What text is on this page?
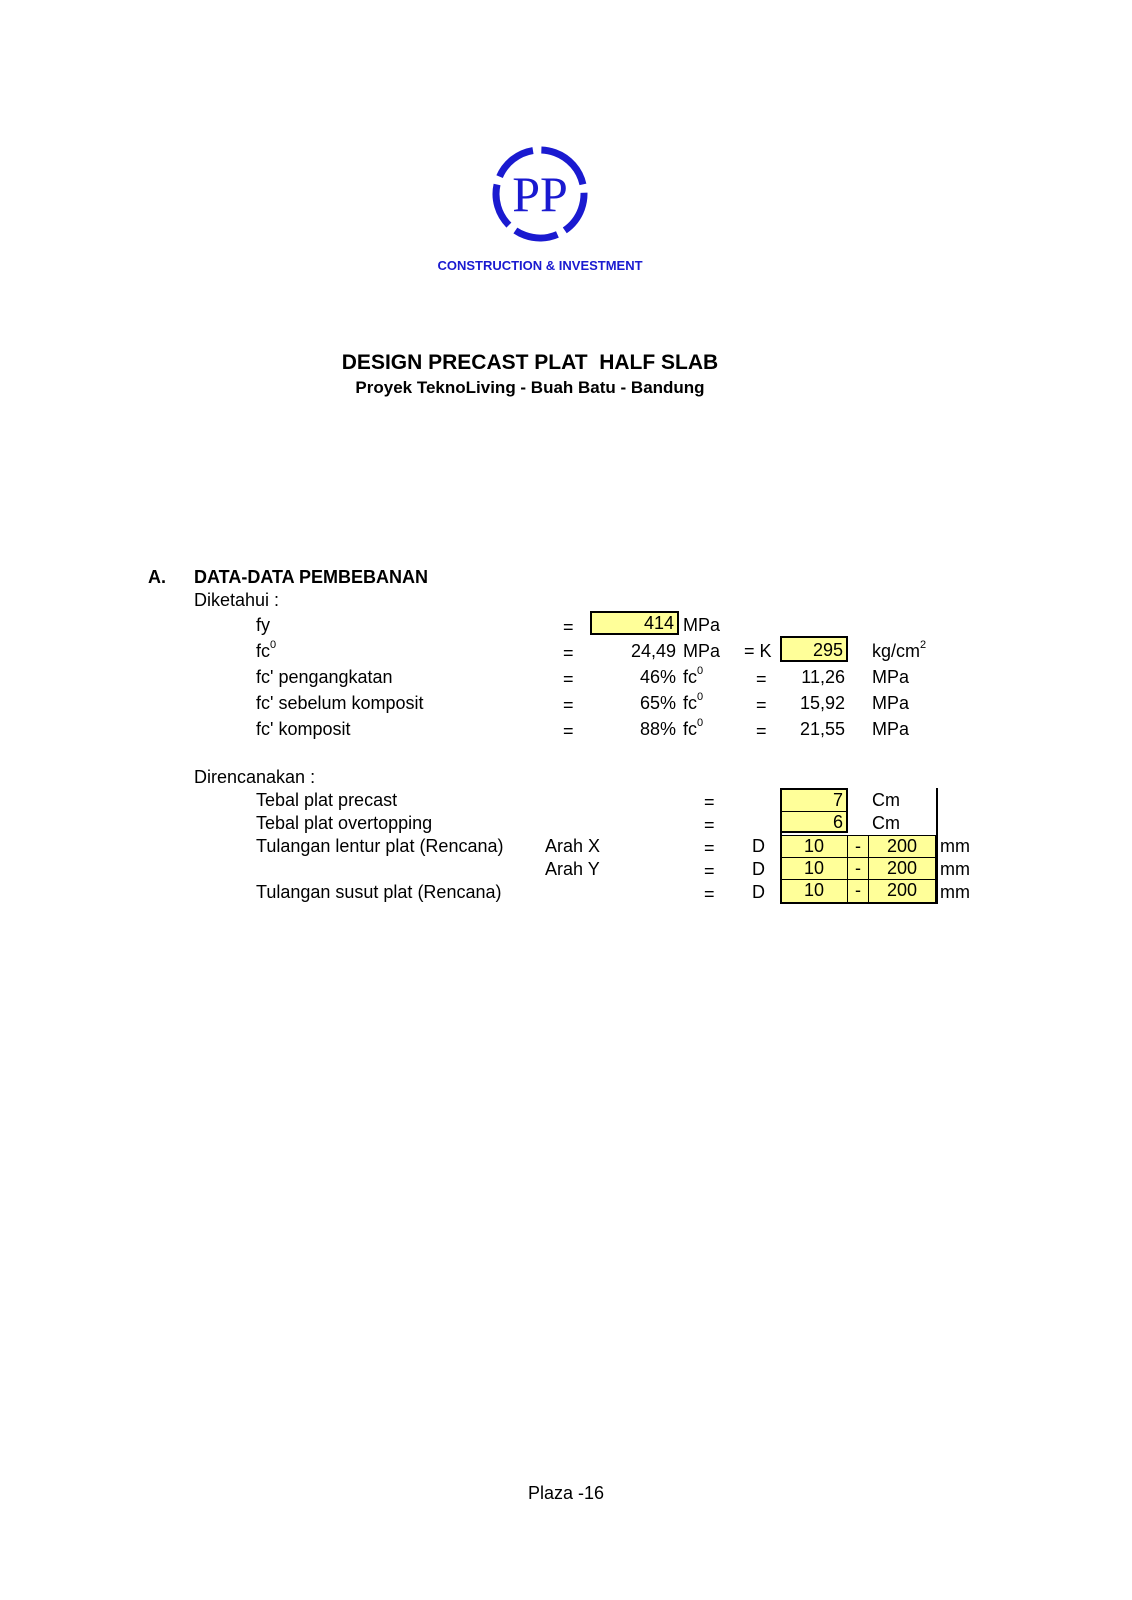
PP
CONSTRUCTION & INVESTMENT
DESIGN PRECAST PLAT  HALF SLAB
Proyek TeknoLiving - Buah Batu - Bandung
A. DATA-DATA PEMBEBANAN
Diketahui :
fy	=	414 MPa
$fc^0$	=	24,49 MPa = K	295 $kg/cm^2$
fc' pengangkatan	=	46% $fc^0$	=	11,26 MPa
fc' sebelum komposit	=	65% $fc^0$	=	15,92 MPa
fc' komposit	=	88% $fc^0$	=	21,55 MPa
Direncanakan :
Tebal plat precast	=	7 Cm
Tebal plat overtopping	=	6 Cm
Tulangan lentur plat (Rencana) Arah X	= D	10	-	200	mm
Arah Y	= D	10	-	200	mm
Tulangan susut plat (Rencana)	= D	10	-	200	mm
Plaza -16
